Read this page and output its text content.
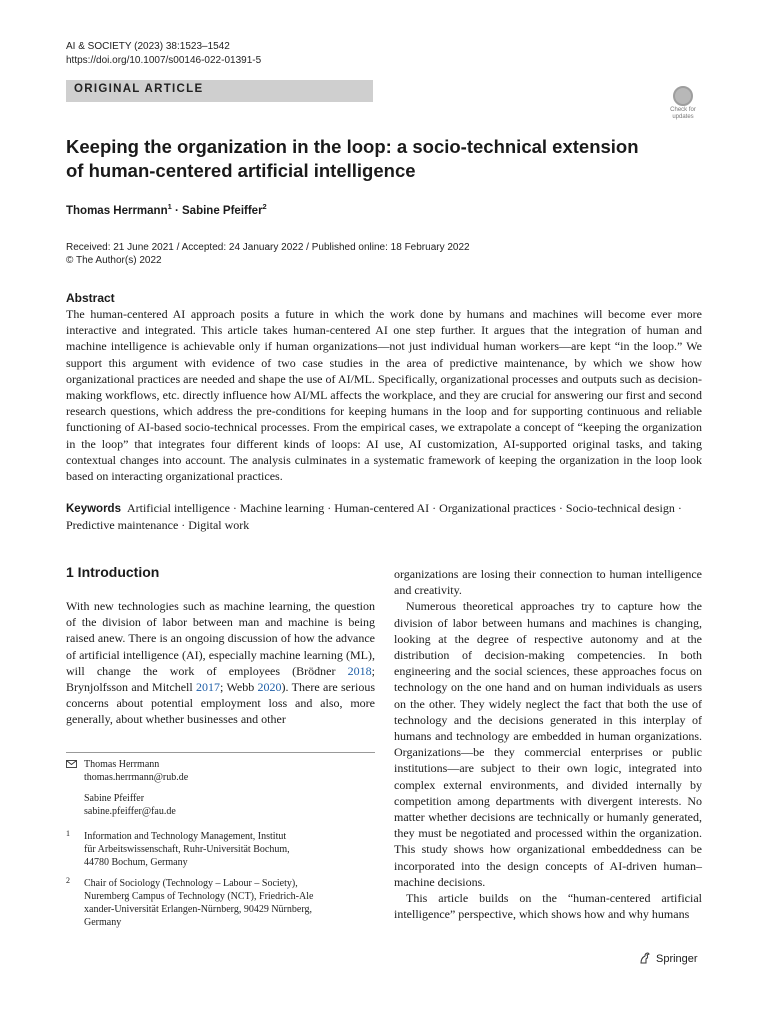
AI & SOCIETY (2023) 38:1523–1542
https://doi.org/10.1007/s00146-022-01391-5
ORIGINAL ARTICLE
Check for
updates
Keeping the organization in the loop: a socio-technical extension
of human-centered artificial intelligence
Thomas Herrmann$^1$ · Sabine Pfeiffer$^2$
Received: 21 June 2021 / Accepted: 24 January 2022 / Published online: 18 February 2022
© The Author(s) 2022
Abstract
The human-centered AI approach posits a future in which the work done by humans and machines will become ever more interactive and integrated. This article takes human-centered AI one step further. It argues that the integration of human and machine intelligence is achievable only if human organizations—not just individual human workers—are kept “in the loop.” We support this argument with evidence of two case studies in the area of predictive maintenance, by which we show how organizational practices are needed and shape the use of AI/ML. Specifically, organizational processes and outputs such as decision-making workflows, etc. directly influence how AI/ML affects the workplace, and they are crucial for answering our first and second research questions, which address the pre-conditions for keeping humans in the loop and for supporting continuous and reliable functioning of AI-based socio-technical processes. From the empirical cases, we extrapolate a concept of “keeping the organization in the loop” that integrates four different kinds of loops: AI use, AI customization, AI-supported original tasks, and taking contextual changes into account. The analysis culminates in a systematic framework of keeping the organization in the loop look based on interacting organizational practices.
Keywords Artificial intelligence · Machine learning · Human-centered AI · Organizational practices · Socio-technical design · Predictive maintenance · Digital work
1 Introduction
With new technologies such as machine learning, the question of the division of labor between man and machine is being raised anew. There is an ongoing discussion of how the advance of artificial intelligence (AI), especially machine learning (ML), will change the work of employees (Brödner 2018; Brynjolfsson and Mitchell 2017; Webb 2020). There are serious concerns about potential employment loss and also, more generally, about whether businesses and other

organizations are losing their connection to human intelligence and creativity.

Numerous theoretical approaches try to capture how the division of labor between humans and machines is changing, looking at the degree of respective autonomy and at the distribution of decision-making competencies. In both engineering and the social sciences, these approaches focus on technology on the one hand and on human individuals as users on the other. They widely neglect the fact that both the use of technology and the decisions generated in this interplay of humans and technology are embedded in human organizations. Organizations—be they commercial enterprises or public institutions—are subject to their own logic, integrated into complex external environments, and divided internally by competition among departments with divergent interests. No matter whether decisions are technically or humanly generated, they must be negotiated and processed within the organization. This study shows how organizational embeddedness can be incorporated into the design concepts of AI-driven human–machine decisions.

This article builds on the “human-centered artificial intelligence” perspective, which shows how and why humans

Thomas Herrmann
thomas.herrmann@rub.de
Sabine Pfeiffer
sabine.pfeiffer@fau.de
1 Information and Technology Management, Institut
für Arbeitswissenschaft, Ruhr-Universität Bochum,
44780 Bochum, Germany
2 Chair of Sociology (Technology – Labour – Society),
Nuremberg Campus of Technology (NCT), Friedrich-Ale
xander-Universität Erlangen-Nürnberg, 90429 Nürnberg,
Germany
Springer
